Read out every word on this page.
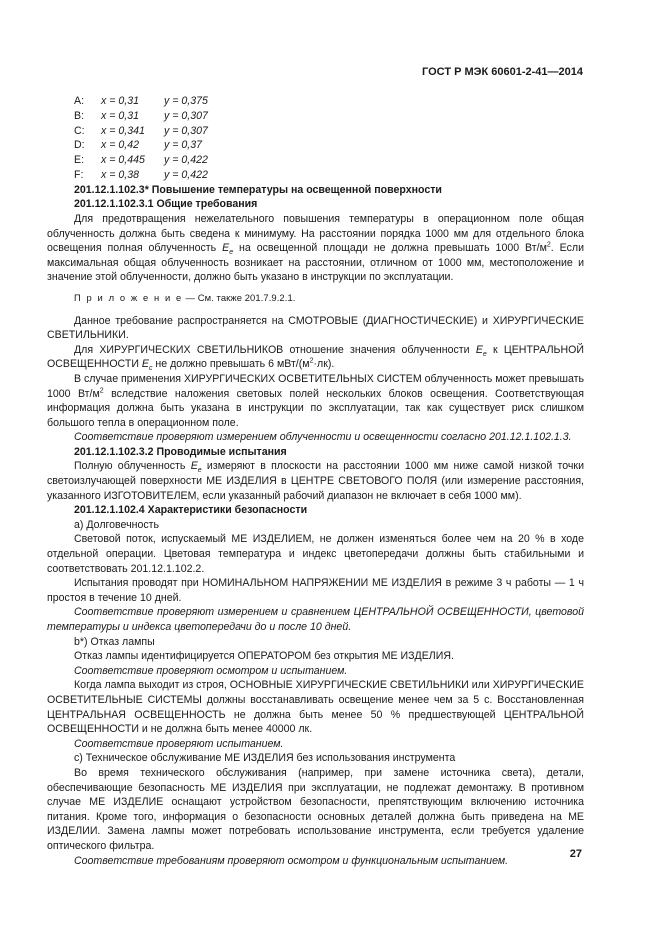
ГОСТ Р МЭК 60601-2-41—2014
A:	x = 0,31	y = 0,375
B:	x = 0,31	y = 0,307
C:	x = 0,341	y = 0,307
D:	x = 0,42	y = 0,37
E:	x = 0,445	y = 0,422
F:	x = 0,38	y = 0,422
201.12.1.102.3* Повышение температуры на освещенной поверхности
201.12.1.102.3.1 Общие требования

Для предотвращения нежелательного повышения температуры в операционном поле общая облученность должна быть сведена к минимуму. На расстоянии порядка 1000 мм для отдельного блока освещения полная облученность $E_e$ на освещенной площади не должна превышать 1000 $Вт/м^2$. Если максимальная общая облученность возникает на расстоянии, отличном от 1000 мм, местоположение и значение этой облученности, должно быть указано в инструкции по эксплуатации.

П р и л о ж е н и е — См. также 201.7.9.2.1.

Данное требование распространяется на СМОТРОВЫЕ (ДИАГНОСТИЧЕСКИЕ) и ХИРУРГИЧЕСКИЕ СВЕТИЛЬНИКИ.

Для ХИРУРГИЧЕСКИХ СВЕТИЛЬНИКОВ отношение значения облученности $E_e$ к ЦЕНТРАЛЬНОЙ ОСВЕЩЕННОСТИ $E_c$ не должно превышать 6 мВт/$(м^2\cdot лк)$.

В случае применения ХИРУРГИЧЕСКИХ ОСВЕТИТЕЛЬНЫХ СИСТЕМ облученность может превышать 1000 $Вт/м^2$ вследствие наложения световых полей нескольких блоков освещения. Соответствующая информация должна быть указана в инструкции по эксплуатации, так как существует риск слишком большого тепла в операционном поле.

Соответствие проверяют измерением облученности и освещенности согласно 201.12.1.102.1.3.

201.12.1.102.3.2 Проводимые испытания

Полную облученность $E_e$ измеряют в плоскости на расстоянии 1000 мм ниже самой низкой точки светоизлучающей поверхности МЕ ИЗДЕЛИЯ в ЦЕНТРЕ СВЕТОВОГО ПОЛЯ (или измерение расстояния, указанного ИЗГОТОВИТЕЛЕМ, если указанный рабочий диапазон не включает в себя 1000 мм).

201.12.1.102.4 Характеристики безопасности

а) Долговечность

Световой поток, испускаемый МЕ ИЗДЕЛИЕМ, не должен изменяться более чем на 20 % в ходе отдельной операции. Цветовая температура и индекс цветопередачи должны быть стабильными и соответствовать 201.12.1.102.2.

Испытания проводят при НОМИНАЛЬНОМ НАПРЯЖЕНИИ МЕ ИЗДЕЛИЯ в режиме 3 ч работы — 1 ч простоя в течение 10 дней.

Соответствие проверяют измерением и сравнением ЦЕНТРАЛЬНОЙ ОСВЕЩЕННОСТИ, цветовой температуры и индекса цветопередачи до и после 10 дней.

b*) Отказ лампы

Отказ лампы идентифицируется ОПЕРАТОРОМ без открытия МЕ ИЗДЕЛИЯ.

Соответствие проверяют осмотром и испытанием.

Когда лампа выходит из строя, ОСНОВНЫЕ ХИРУРГИЧЕСКИЕ СВЕТИЛЬНИКИ или ХИРУРГИЧЕСКИЕ ОСВЕТИТЕЛЬНЫЕ СИСТЕМЫ должны восстанавливать освещение менее чем за 5 с. Восстановленная ЦЕНТРАЛЬНАЯ ОСВЕЩЕННОСТЬ не должна быть менее 50 % предшествующей ЦЕНТРАЛЬНОЙ ОСВЕЩЕННОСТИ и не должна быть менее 40000 лк.

Соответствие проверяют испытанием.

с) Техническое обслуживание МЕ ИЗДЕЛИЯ без использования инструмента

Во время технического обслуживания (например, при замене источника света), детали, обеспечивающие безопасность МЕ ИЗДЕЛИЯ при эксплуатации, не подлежат демонтажу. В противном случае МЕ ИЗДЕЛИЕ оснащают устройством безопасности, препятствующим включению источника питания. Кроме того, информация о безопасности основных деталей должна быть приведена на МЕ ИЗДЕЛИИ. Замена лампы может потребовать использование инструмента, если требуется удаление оптического фильтра.

Соответствие требованиям проверяют осмотром и функциональным испытанием.

27
